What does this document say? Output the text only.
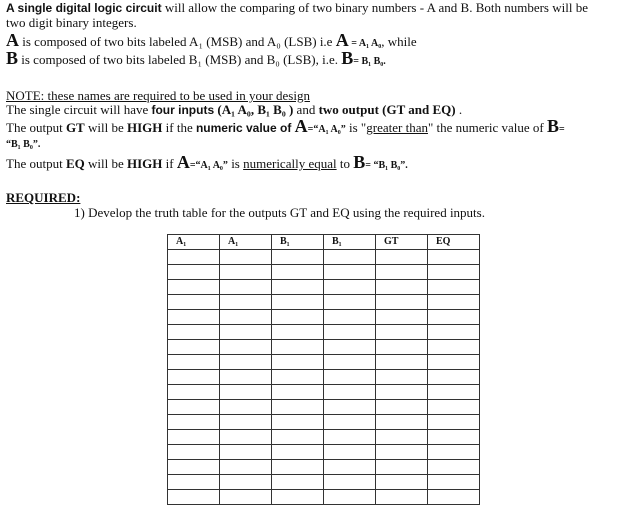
A single digital logic circuit will allow the comparing of two binary numbers - A and B. Both numbers will be

two digit binary integers.

A is composed of two bits labeled A₁ (MSB) and A₀ (LSB) i.e A = A₁ A₀, while

B is composed of two bits labeled B₁ (MSB) and B₀ (LSB), i.e. B= B₁ B₀.

NOTE: these names are required to be used in your design

The single circuit will have four inputs (A₁ A₀, B₁ B₀ ) and two output (GT and EQ) .

The output GT will be HIGH if the numeric value of A=“A₁ A₀” is "greater than" the numeric value of B=

“B₁ B₀”.

The output EQ will be HIGH if A=“A₁ A₀” is numerically equal to B= “B₁ B₀”.

REQUIRED:

1) Develop the truth table for the outputs GT and EQ using the required inputs.

A₁	A₁	B₁	B₁	GT	EQ
